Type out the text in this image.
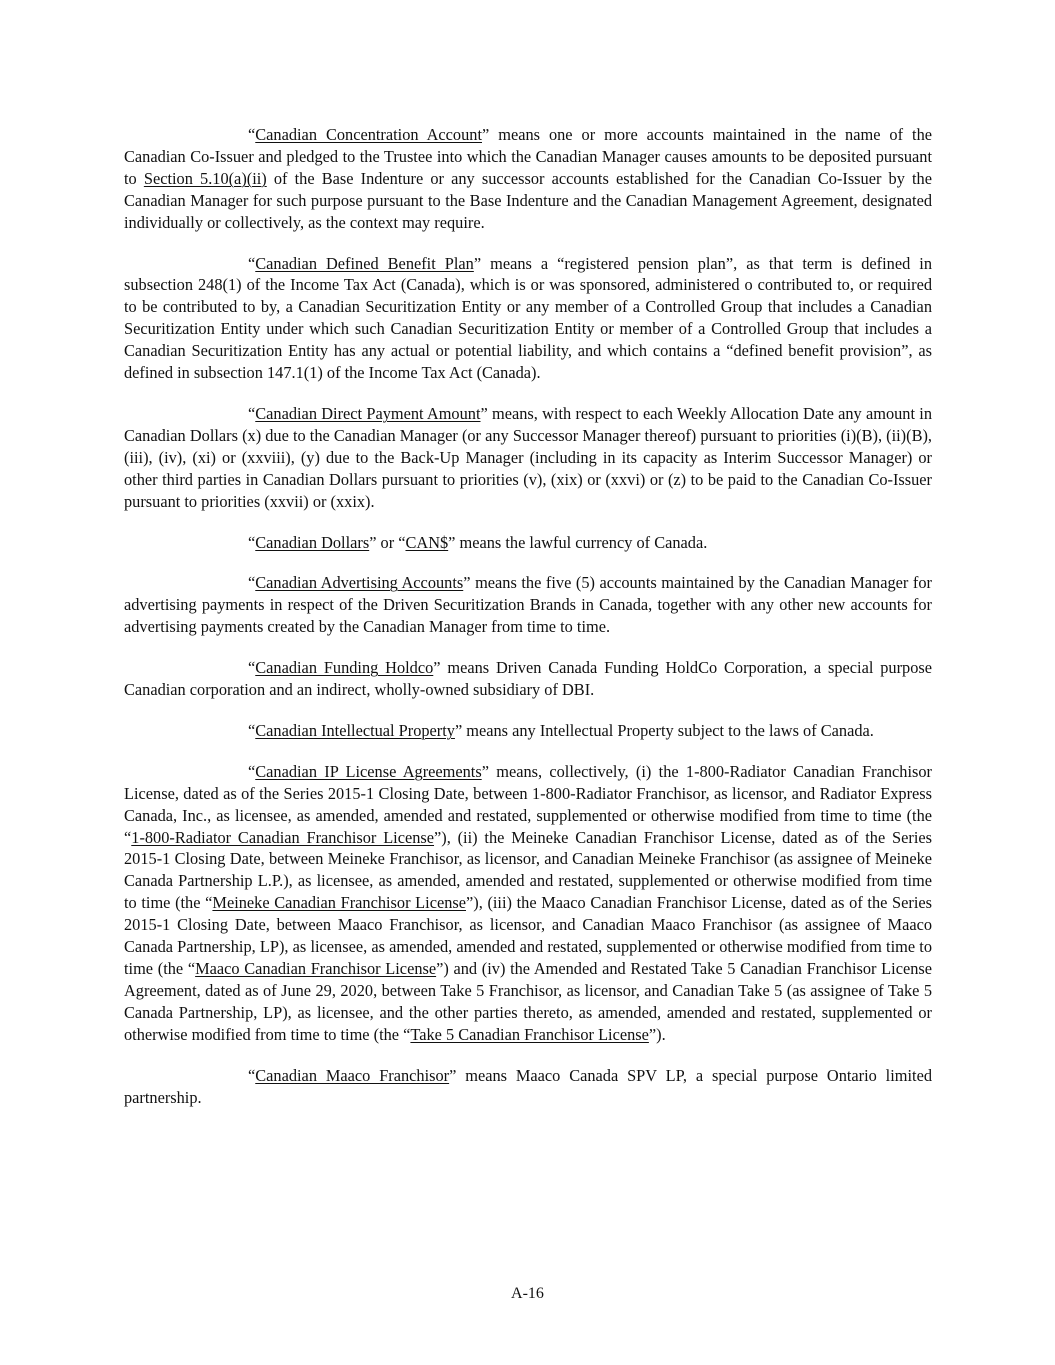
“Canadian Concentration Account” means one or more accounts maintained in the name of the Canadian Co-Issuer and pledged to the Trustee into which the Canadian Manager causes amounts to be deposited pursuant to Section 5.10(a)(ii) of the Base Indenture or any successor accounts established for the Canadian Co-Issuer by the Canadian Manager for such purpose pursuant to the Base Indenture and the Canadian Management Agreement, designated individually or collectively, as the context may require.

“Canadian Defined Benefit Plan” means a “registered pension plan”, as that term is defined in subsection 248(1) of the Income Tax Act (Canada), which is or was sponsored, administered o contributed to, or required to be contributed to by, a Canadian Securitization Entity or any member of a Controlled Group that includes a Canadian Securitization Entity under which such Canadian Securitization Entity or member of a Controlled Group that includes a Canadian Securitization Entity has any actual or potential liability, and which contains a “defined benefit provision”, as defined in subsection 147.1(1) of the Income Tax Act (Canada).

“Canadian Direct Payment Amount” means, with respect to each Weekly Allocation Date any amount in Canadian Dollars (x) due to the Canadian Manager (or any Successor Manager thereof) pursuant to priorities (i)(B), (ii)(B), (iii), (iv), (xi) or (xxviii), (y) due to the Back-Up Manager (including in its capacity as Interim Successor Manager) or other third parties in Canadian Dollars pursuant to priorities (v), (xix) or (xxvi) or (z) to be paid to the Canadian Co-Issuer pursuant to priorities (xxvii) or (xxix).

“Canadian Dollars” or “CAN$” means the lawful currency of Canada.

“Canadian Advertising Accounts” means the five (5) accounts maintained by the Canadian Manager for advertising payments in respect of the Driven Securitization Brands in Canada, together with any other new accounts for advertising payments created by the Canadian Manager from time to time.

“Canadian Funding Holdco” means Driven Canada Funding HoldCo Corporation, a special purpose Canadian corporation and an indirect, wholly-owned subsidiary of DBI.

“Canadian Intellectual Property” means any Intellectual Property subject to the laws of Canada.

“Canadian IP License Agreements” means, collectively, (i) the 1-800-Radiator Canadian Franchisor License, dated as of the Series 2015-1 Closing Date, between 1-800-Radiator Franchisor, as licensor, and Radiator Express Canada, Inc., as licensee, as amended, amended and restated, supplemented or otherwise modified from time to time (the “1-800-Radiator Canadian Franchisor License”), (ii) the Meineke Canadian Franchisor License, dated as of the Series 2015-1 Closing Date, between Meineke Franchisor, as licensor, and Canadian Meineke Franchisor (as assignee of Meineke Canada Partnership L.P.), as licensee, as amended, amended and restated, supplemented or otherwise modified from time to time (the “Meineke Canadian Franchisor License”), (iii) the Maaco Canadian Franchisor License, dated as of the Series 2015-1 Closing Date, between Maaco Franchisor, as licensor, and Canadian Maaco Franchisor (as assignee of Maaco Canada Partnership, LP), as licensee, as amended, amended and restated, supplemented or otherwise modified from time to time (the “Maaco Canadian Franchisor License”) and (iv) the Amended and Restated Take 5 Canadian Franchisor License Agreement, dated as of June 29, 2020, between Take 5 Franchisor, as licensor, and Canadian Take 5 (as assignee of Take 5 Canada Partnership, LP), as licensee, and the other parties thereto, as amended, amended and restated, supplemented or otherwise modified from time to time (the “Take 5 Canadian Franchisor License”).

“Canadian Maaco Franchisor” means Maaco Canada SPV LP, a special purpose Ontario limited partnership.

A-16
